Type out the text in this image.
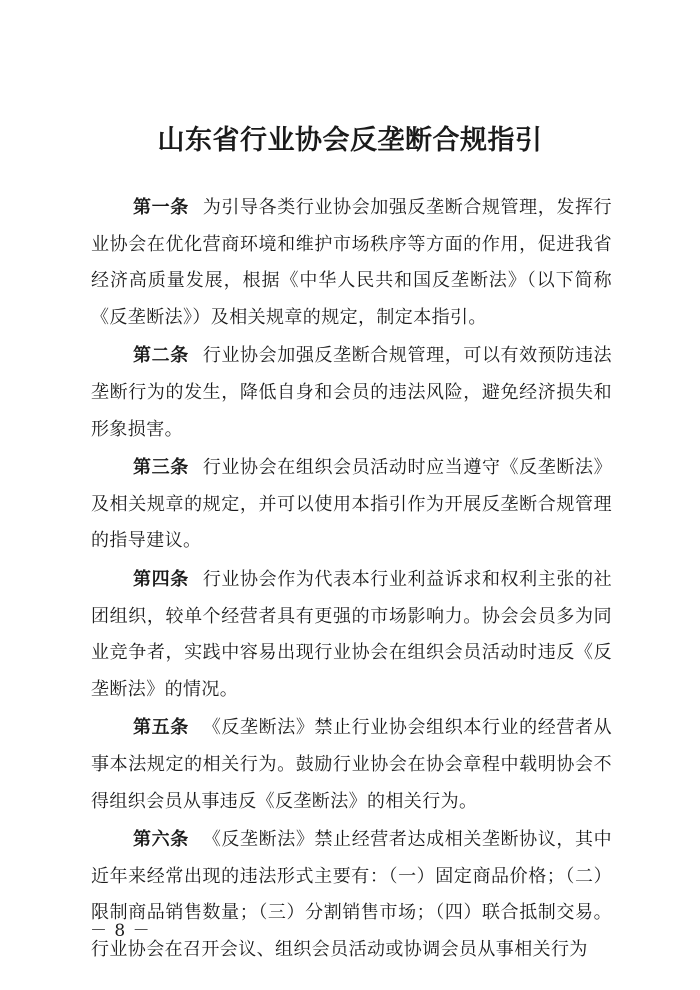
山东省行业协会反垄断合规指引

第一条 为引导各类行业协会加强反垄断合规管理，发挥行业协会在优化营商环境和维护市场秩序等方面的作用，促进我省经济高质量发展，根据《中华人民共和国反垄断法》（以下简称《反垄断法》）及相关规章的规定，制定本指引。

第二条 行业协会加强反垄断合规管理，可以有效预防违法垄断行为的发生，降低自身和会员的违法风险，避免经济损失和形象损害。

第三条 行业协会在组织会员活动时应当遵守《反垄断法》及相关规章的规定，并可以使用本指引作为开展反垄断合规管理的指导建议。

第四条 行业协会作为代表本行业利益诉求和权利主张的社团组织，较单个经营者具有更强的市场影响力。协会会员多为同业竞争者，实践中容易出现行业协会在组织会员活动时违反《反垄断法》的情况。

第五条 《反垄断法》禁止行业协会组织本行业的经营者从事本法规定的相关行为。鼓励行业协会在协会章程中载明协会不得组织会员从事违反《反垄断法》的相关行为。

第六条 《反垄断法》禁止经营者达成相关垄断协议，其中近年来经常出现的违法形式主要有：（一）固定商品价格；（二）限制商品销售数量；（三）分割销售市场；（四）联合抵制交易。行业协会在召开会议、组织会员活动或协调会员从事相关行为

－ 8 －
